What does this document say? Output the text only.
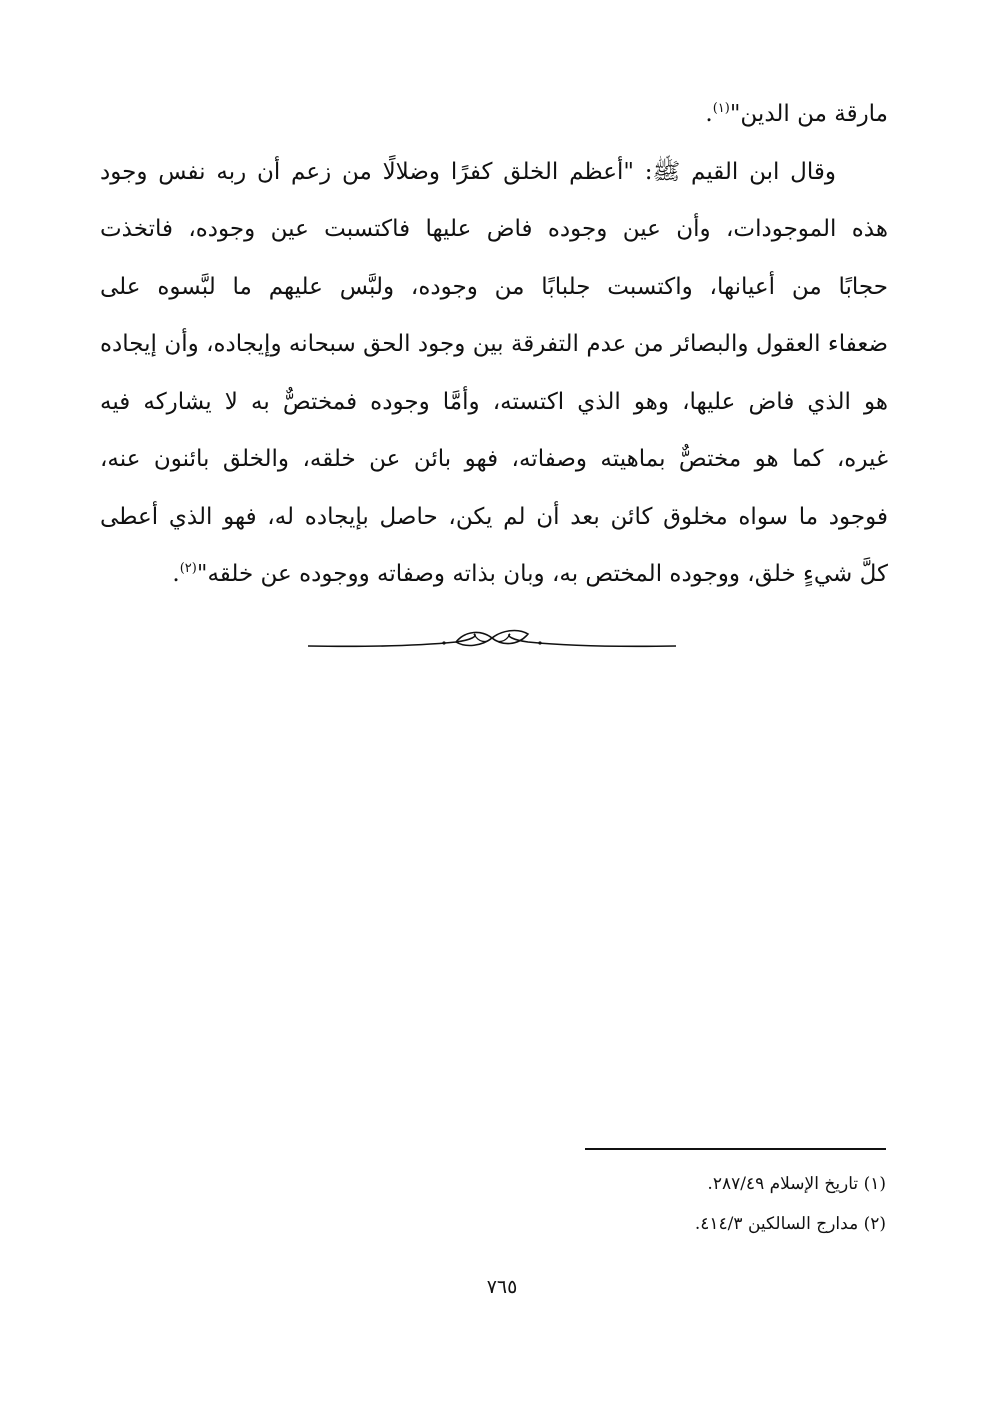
مارقة من الدين"$^{(١)}$.
وقال ابن القيم ﷺ: "أعظم الخلق كفرًا وضلالًا من زعم أن ربه نفس وجود
هذه الموجودات، وأن عين وجوده فاض عليها فاكتسبت عين وجوده، فاتخذت
حجابًا من أعيانها، واكتسبت جلبابًا من وجوده، ولبَّس عليهم ما لبَّسوه على
ضعفاء العقول والبصائر من عدم التفرقة بين وجود الحق سبحانه وإيجاده، وأن إيجاده
هو الذي فاض عليها، وهو الذي اكتسته، وأمَّا وجوده فمختصٌّ به لا يشاركه فيه
غيره، كما هو مختصٌّ بماهيته وصفاته، فهو بائن عن خلقه، والخلق بائنون عنه،
فوجود ما سواه مخلوق كائن بعد أن لم يكن، حاصل بإيجاده له، فهو الذي أعطى
كلَّ شيءٍ خلق، ووجوده المختص به، وبان بذاته وصفاته ووجوده عن خلقه"$^{(٢)}$.
(١) تاريخ الإسلام ٢٨٧/٤٩.
(٢) مدارج السالكين ٤١٤/٣.
٧٦٥
